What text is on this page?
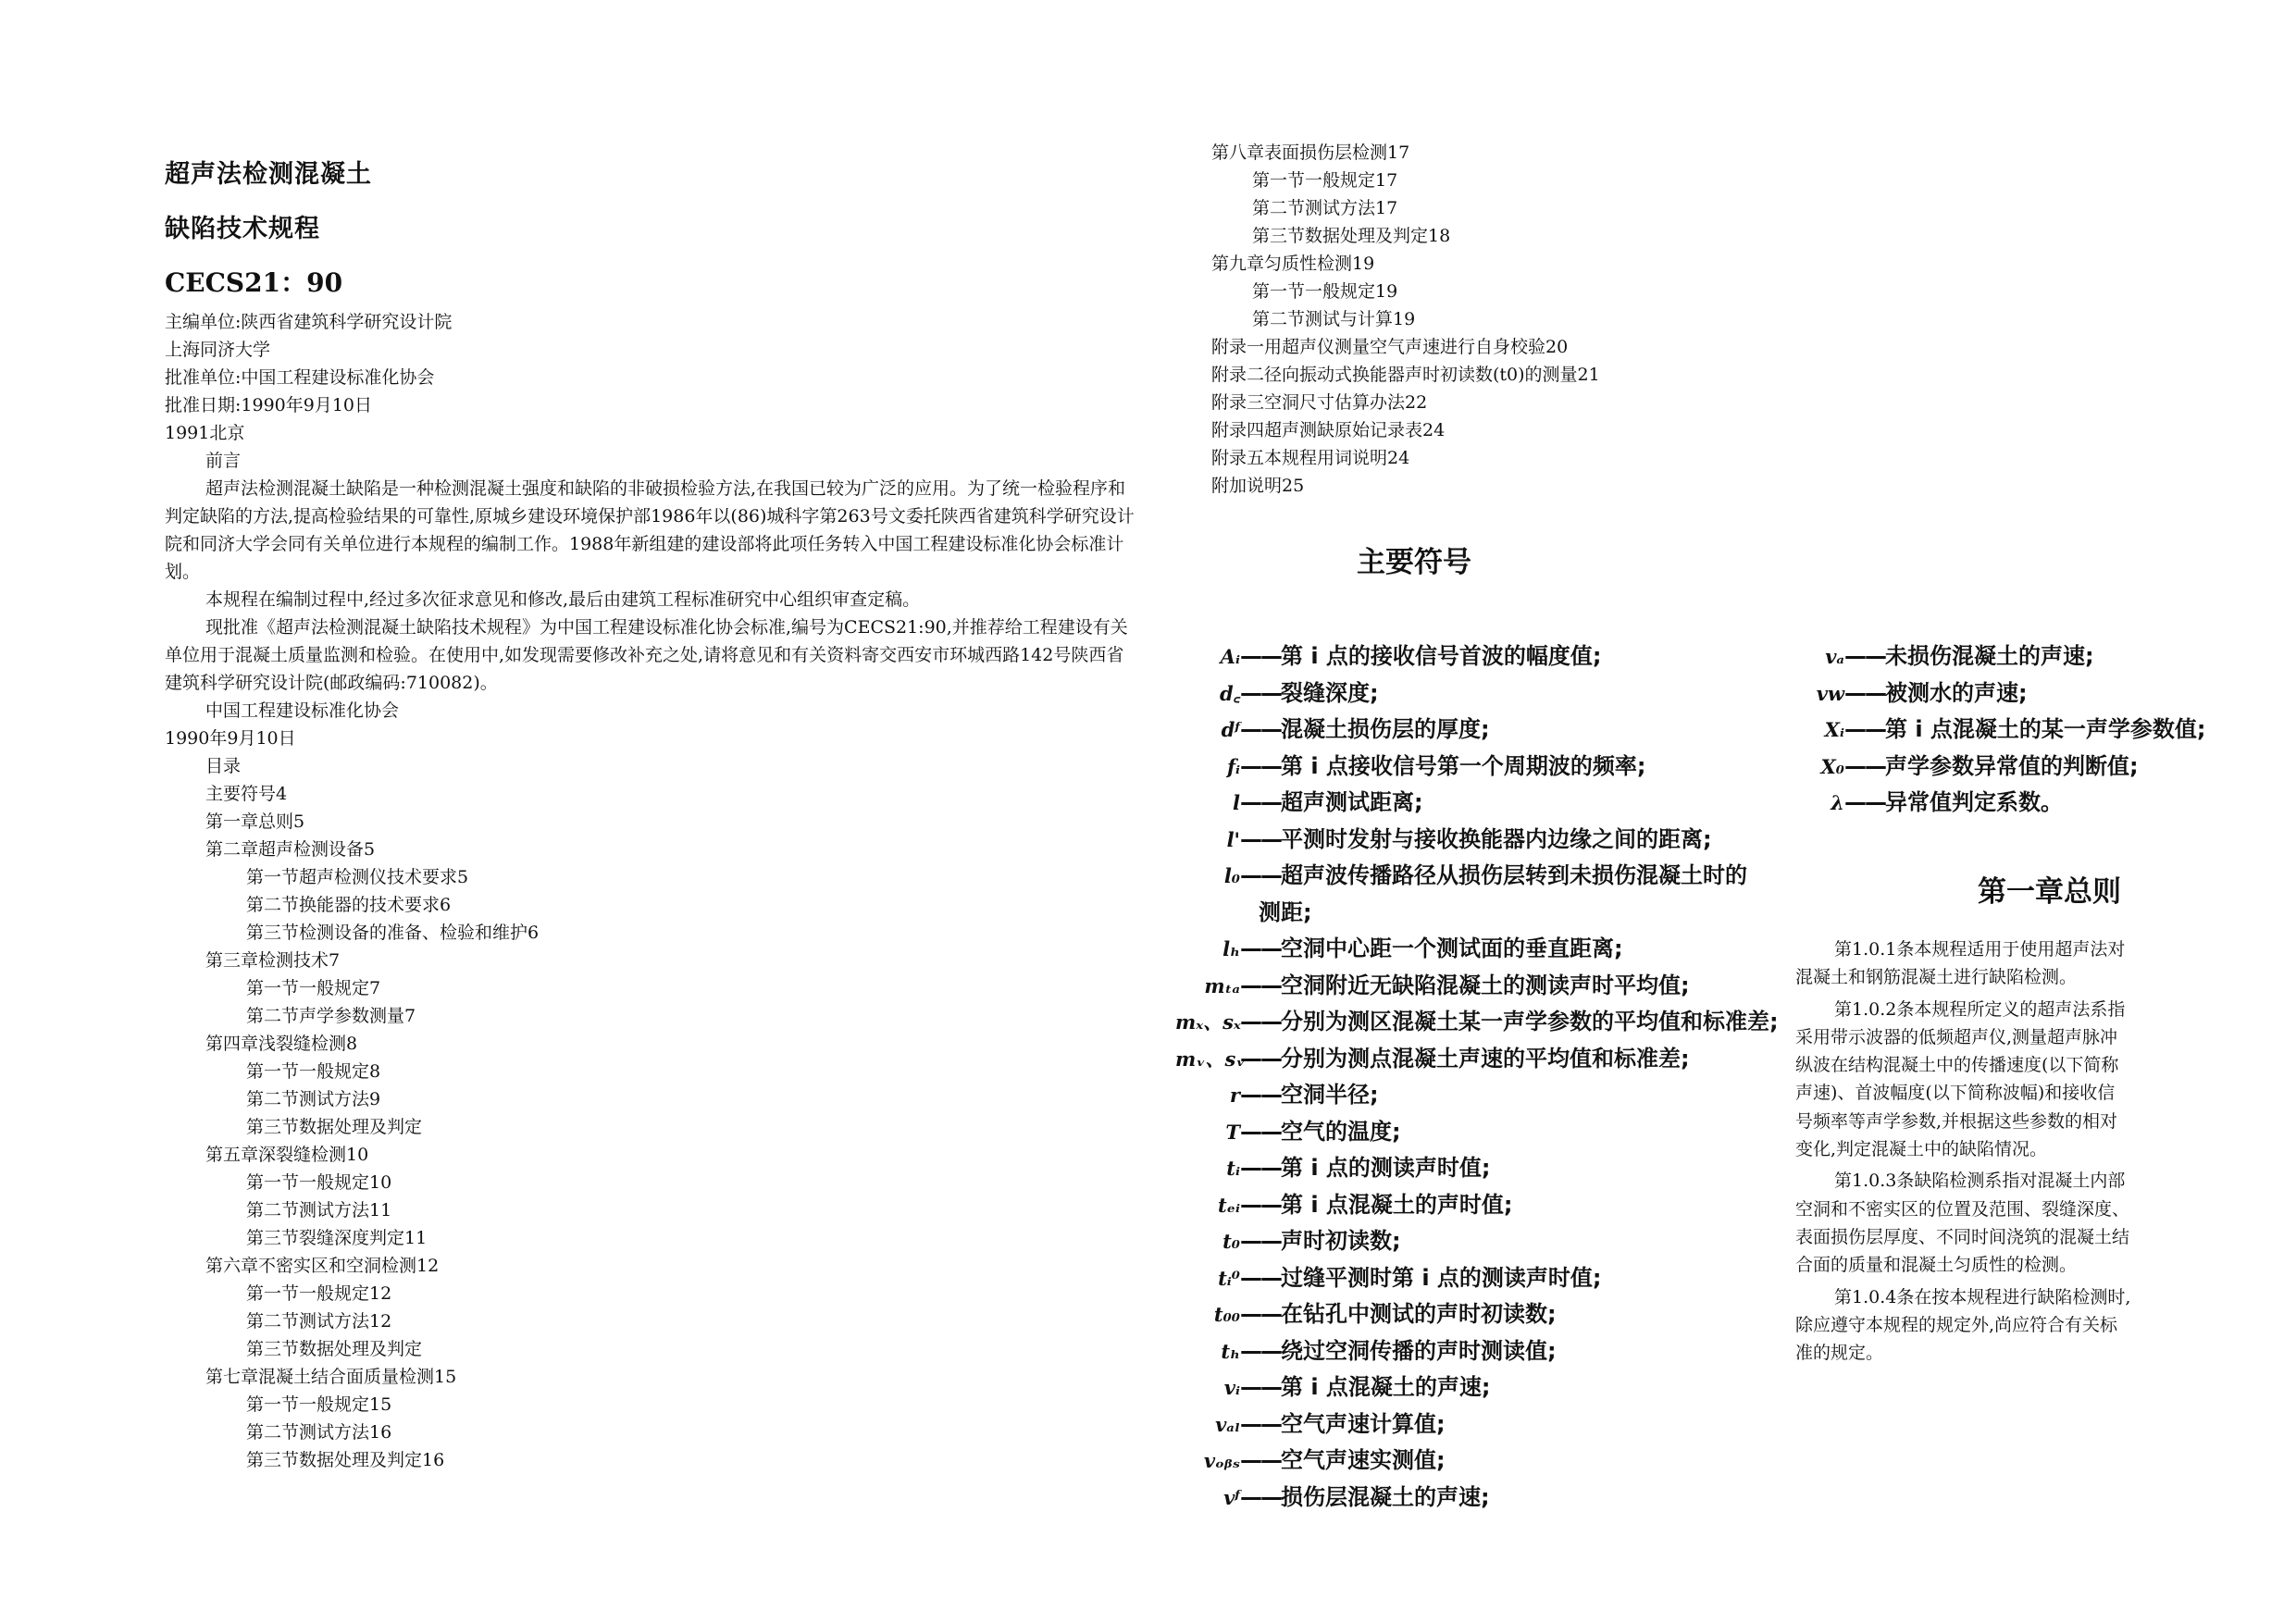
超声法检测混凝土
缺陷技术规程
CECS21：90
主编单位:陕西省建筑科学研究设计院
上海同济大学
批准单位:中国工程建设标准化协会
批准日期:1990年9月10日
1991北京
前言
超声法检测混凝土缺陷是一种检测混凝土强度和缺陷的非破损检验方法,在我国已较为广泛的应用。为了统一检验程序和判定缺陷的方法,提高检验结果的可靠性,原城乡建设环境保护部1986年以(86)城科字第263号文委托陕西省建筑科学研究设计院和同济大学会同有关单位进行本规程的编制工作。1988年新组建的建设部将此项任务转入中国工程建设标准化协会标准计划。
本规程在编制过程中,经过多次征求意见和修改,最后由建筑工程标准研究中心组织审查定稿。
现批准《超声法检测混凝土缺陷技术规程》为中国工程建设标准化协会标准,编号为CECS21:90,并推荐给工程建设有关单位用于混凝土质量监测和检验。在使用中,如发现需要修改补充之处,请将意见和有关资料寄交西安市环城西路142号陕西省建筑科学研究设计院(邮政编码:710082)。
中国工程建设标准化协会
1990年9月10日
目录
主要符号4
第一章总则5
第二章超声检测设备5
第一节超声检测仪技术要求5
第二节换能器的技术要求6
第三节检测设备的准备、检验和维护6
第三章检测技术7
第一节一般规定7
第二节声学参数测量7
第四章浅裂缝检测8
第一节一般规定8
第二节测试方法9
第三节数据处理及判定
第五章深裂缝检测10
第一节一般规定10
第二节测试方法11
第三节裂缝深度判定11
第六章不密实区和空洞检测12
第一节一般规定12
第二节测试方法12
第三节数据处理及判定
第七章混凝土结合面质量检测15
第一节一般规定15
第二节测试方法16
第三节数据处理及判定16
第八章表面损伤层检测17
第一节一般规定17
第二节测试方法17
第三节数据处理及判定18
第九章匀质性检测19
第一节一般规定19
第二节测试与计算19
附录一用超声仪测量空气声速进行自身校验20
附录二径向振动式换能器声时初读数(t0)的测量21
附录三空洞尺寸估算办法22
附录四超声测缺原始记录表24
附录五本规程用词说明24
附加说明25
主要符号
Aᵢ —— 第 i 点的接收信号首波的幅度值;
d꜀ —— 裂缝深度;
dᶠ —— 混凝土损伤层的厚度;
fᵢ —— 第 i 点接收信号第一个周期波的频率;
l —— 超声测试距离;
l' —— 平测时发射与接收换能器内边缘之间的距离;
l₀ —— 超声波传播路径从损伤层转到未损伤混凝土时的
测距;
lₕ —— 空洞中心距一个测试面的垂直距离;
mₜₐ —— 空洞附近无缺陷混凝土的测读声时平均值;
mₓ、sₓ —— 分别为测区混凝土某一声学参数的平均值和标准差;
mᵥ、sᵥ
—— 分别为测点混凝土声速的平均值和标准差;
r —— 空洞半径;
T —— 空气的温度;
tᵢ —— 第 i 点的测读声时值;
tₑᵢ —— 第 i 点混凝土的声时值;
t₀ —— 声时初读数;
tᵢ⁰ —— 过缝平测时第 i 点的测读声时值;
t₀₀ —— 在钻孔中测试的声时初读数;
tₕ —— 绕过空洞传播的声时测读值;
vᵢ —— 第 i 点混凝土的声速;
vₐₗ —— 空气声速计算值;
vₒᵦₛ —— 空气声速实测值;
vᶠ —— 损伤层混凝土的声速;
vₐ —— 未损伤混凝土的声速;
vw —— 被测水的声速;
Xᵢ —— 第 i 点混凝土的某一声学参数值;
X₀ —— 声学参数异常值的判断值;
λ —— 异常值判定系数。
第一章总则

第1.0.1条本规程适用于使用超声法对混凝土和钢筋混凝土进行缺陷检测。

第1.0.2条本规程所定义的超声法系指采用带示波器的低频超声仪,测量超声脉冲纵波在结构混凝土中的传播速度(以下简称声速)、首波幅度(以下简称波幅)和接收信号频率等声学参数,并根据这些参数的相对变化,判定混凝土中的缺陷情况。

第1.0.3条缺陷检测系指对混凝土内部空洞和不密实区的位置及范围、裂缝深度、表面损伤层厚度、不同时间浇筑的混凝土结合面的质量和混凝土匀质性的检测。

第1.0.4条在按本规程进行缺陷检测时,除应遵守本规程的规定外,尚应符合有关标准的规定。
